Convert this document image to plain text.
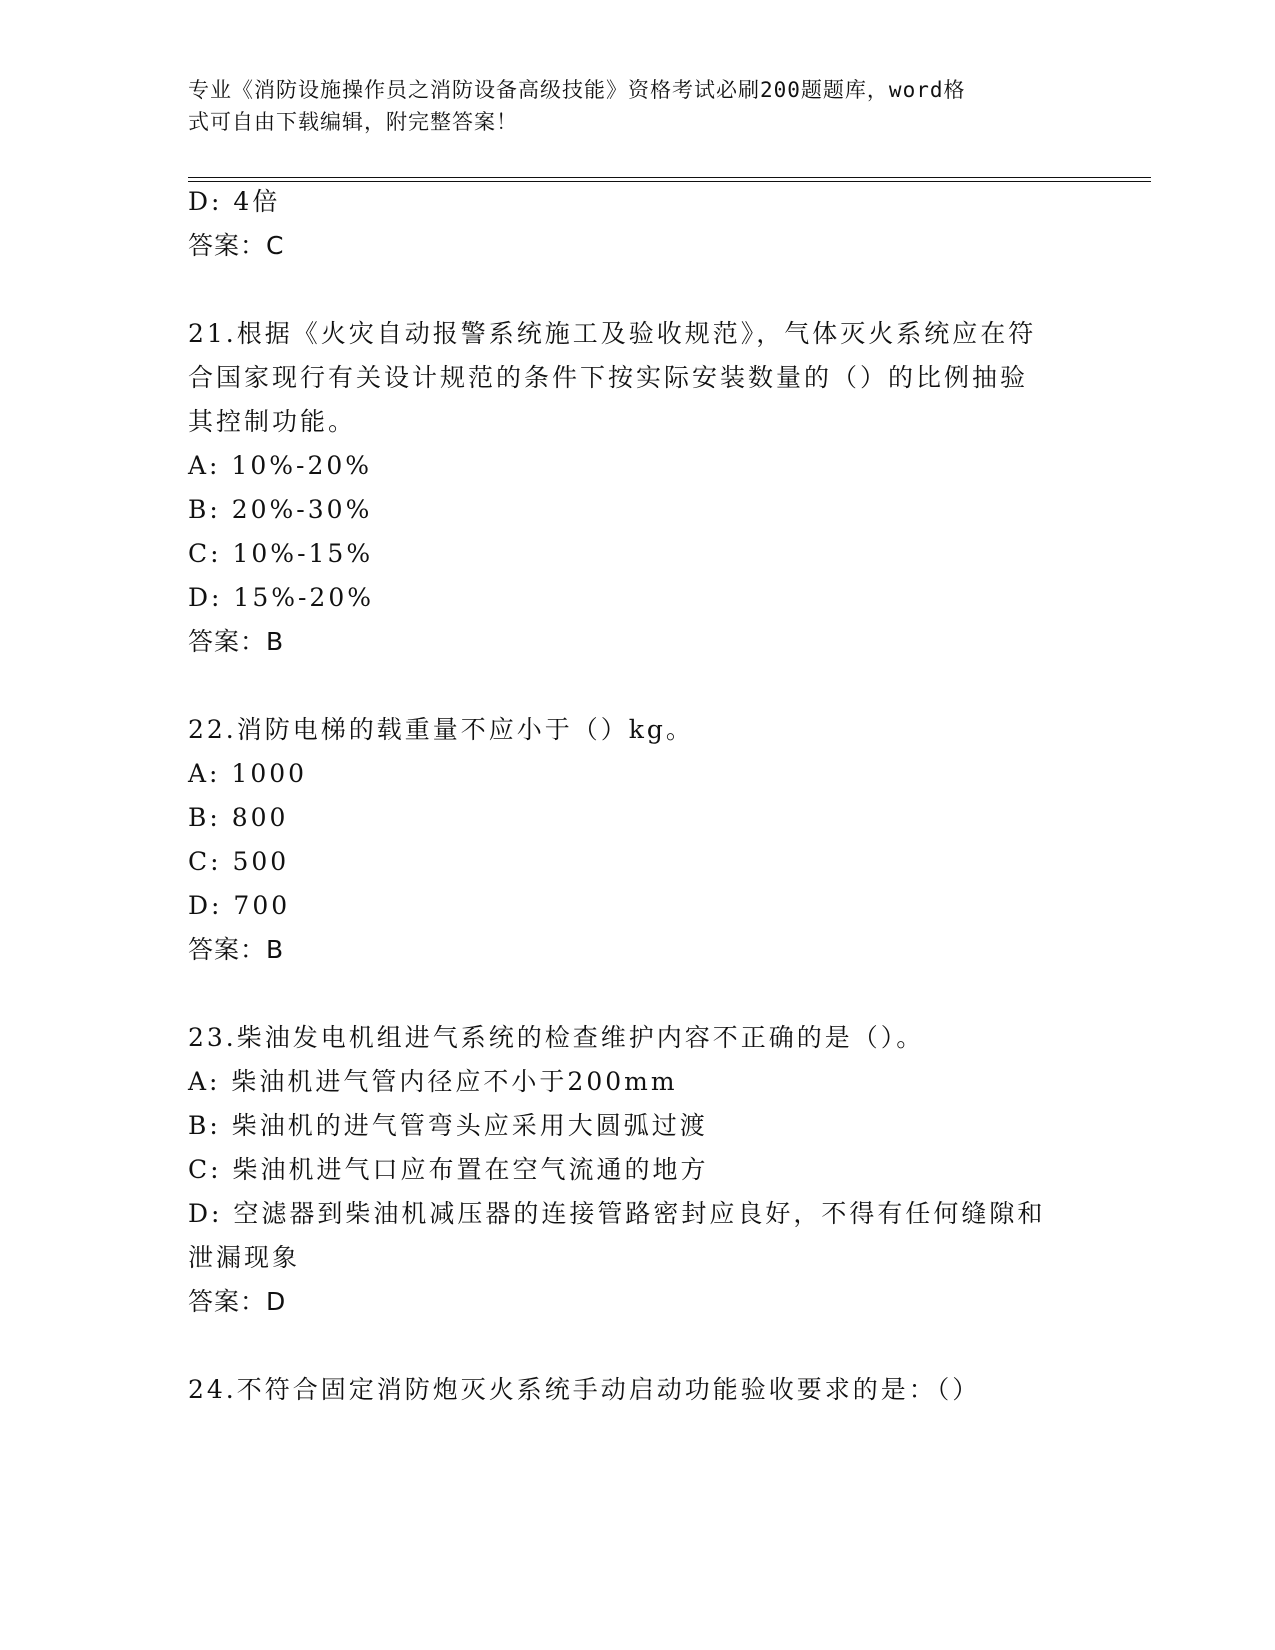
专业《消防设施操作员之消防设备高级技能》资格考试必刷200题题库，word格
式可自由下载编辑，附完整答案！
D: 4倍
答案：C
21.根据《火灾自动报警系统施工及验收规范》，气体灭火系统应在符
合国家现行有关设计规范的条件下按实际安装数量的（）的比例抽验
其控制功能。
A: 10%-20%
B: 20%-30%
C: 10%-15%
D: 15%-20%
答案：B
22.消防电梯的载重量不应小于（）kg。
A: 1000
B: 800
C: 500
D: 700
答案：B
23.柴油发电机组进气系统的检查维护内容不正确的是（）。
A: 柴油机进气管内径应不小于200mm
B: 柴油机的进气管弯头应采用大圆弧过渡
C: 柴油机进气口应布置在空气流通的地方
D: 空滤器到柴油机减压器的连接管路密封应良好，不得有任何缝隙和
泄漏现象
答案：D
24.不符合固定消防炮灭火系统手动启动功能验收要求的是：（）
